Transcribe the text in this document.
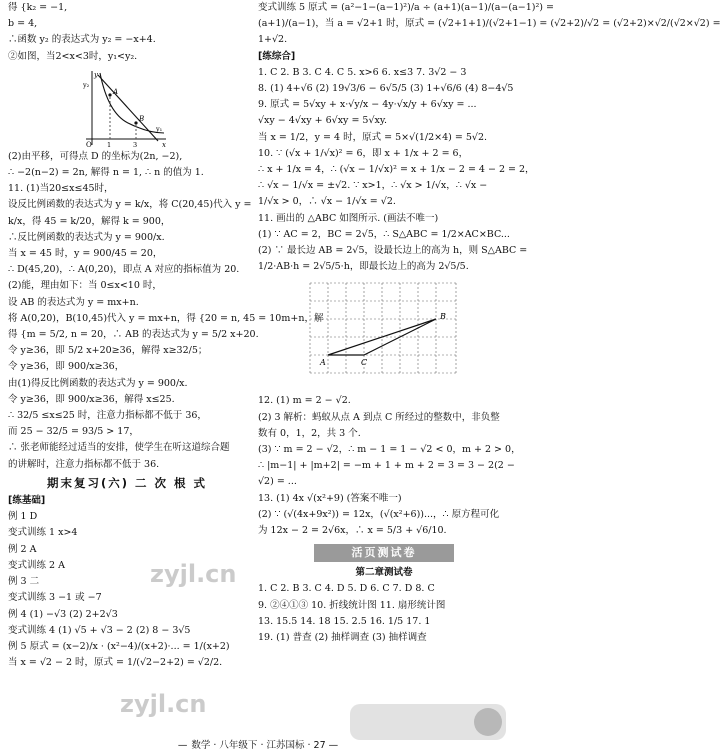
得 {k₂ = −1,
b = 4,
∴函数 y₂ 的表达式为 y₂ = −x+4.
②如图，当2<x<3时，y₁<y₂.
y
x
O 1	3
A
B
y₂
y₁
(2)由平移，可得点 D 的坐标为(2n, −2),
∴ −2(n−2) = 2n, 解得 n = 1, ∴ n 的值为 1.
11. (1)当20≤x≤45时，
设反比例函数的表达式为 y = k/x，将 C(20,45)代入 y =
k/x，得 45 = k/20，解得 k = 900，
∴反比例函数的表达式为 y = 900/x.
当 x = 45 时，y = 900/45 = 20，
∴ D(45,20)，∴ A(0,20)，即点 A 对应的指标值为 20.
(2)能，理由如下：当 0≤x<10 时，
设 AB 的表达式为 y = mx+n.
将 A(0,20)，B(10,45)代入 y = mx+n，得 {20 = n, 45 = 10m+n，解
得 {m = 5/2, n = 20，∴ AB 的表达式为 y = 5/2 x+20.
令 y≥36，即 5/2 x+20≥36，解得 x≥32/5；
令 y≥36，即 900/x≥36，
由(1)得反比例函数的表达式为 y = 900/x.
令 y≥36，即 900/x≥36，解得 x≤25.
∴ 32/5 ≤x≤25 时，注意力指标都不低于 36，
而 25 − 32/5 = 93/5 > 17，
∴ 张老师能经过适当的安排，使学生在听这道综合题
的讲解时，注意力指标都不低于 36.
期末复习(六) 二 次 根 式
[练基础]
例 1 D
变式训练 1 x>4
例 2 A
变式训练 2 A
例 3 二
变式训练 3 −1 或 −7
例 4 (1) −√3 (2) 2+2√3
变式训练 4 (1) √5 + √3 − 2 (2) 8 − 3√5
例 5 原式 = (x−2)/x · (x²−4)/(x+2)·... = 1/(x+2)
当 x = √2 − 2 时，原式 = 1/(√2−2+2) = √2/2.
变式训练 5 原式 = (a²−1−(a−1)²)/a ÷ (a+1)(a−1)/(a−(a−1)²) =
(a+1)/(a−1)，当 a = √2+1 时，原式 = (√2+1+1)/(√2+1−1) = (√2+2)/√2 = (√2+2)×√2/(√2×√2) =
1+√2.
[练综合]
1. C 2. B 3. C 4. C 5. x>6 6. x≤3 7. 3√2 − 3
8. (1) 4+√6 (2) 19√3/6 − 6√5/5 (3) 1+√6/6 (4) 8−4√5
9. 原式 = 5√xy + x·√y/x − 4y·√x/y + 6√xy = ...
√xy − 4√xy + 6√xy = 5√xy.
当 x = 1/2，y = 4 时，原式 = 5×√(1/2×4) = 5√2.
10. ∵ (√x + 1/√x)² = 6，即 x + 1/x + 2 = 6，
∴ x + 1/x = 4，∴ (√x − 1/√x)² = x + 1/x − 2 = 4 − 2 = 2，
∴ √x − 1/√x = ±√2. ∵ x>1，∴ √x > 1/√x，∴ √x −
1/√x > 0，∴ √x − 1/√x = √2.
11. 画出的 △ABC 如图所示. (画法不唯一)
(1) ∵ AC = 2，BC = 2√5，∴ S△ABC = 1/2×AC×BC...
(2) ∵ 最长边 AB = 2√5，设最长边上的高为 h，则 S△ABC =
1/2·AB·h = 2√5/5·h，即最长边上的高为 2√5/5.
A
B
C
12. (1) m = 2 − √2.
(2) 3 解析：蚂蚁从点 A 到点 C 所经过的整数中，非负整
数有 0，1，2，共 3 个.
(3) ∵ m = 2 − √2，∴ m − 1 = 1 − √2 < 0，m + 2 > 0，
∴ |m−1| + |m+2| = −m + 1 + m + 2 = 3 = 3 − 2(2 −
√2) = ...
13. (1) 4x √(x²+9) (答案不唯一)
(2) ∵ (√(4x+9x²)) = 12x，(√(x²+6))...，∴ 原方程可化
为 12x − 2 = 2√6x，∴ x = 5/3 + √6/10.
活页测试卷
第二章测试卷
1. C 2. B 3. C 4. D 5. D 6. C 7. D 8. C
9. ②④①③ 10. 折线统计图 11. 扇形统计图
13. 15.5 14. 18 15. 2.5 16. 1/5 17. 1
19. (1) 普查 (2) 抽样调查 (3) 抽样调查
zyjl.cn
zyjl.cn
— 数学 · 八年级下 · 江苏国标 · 27 —
